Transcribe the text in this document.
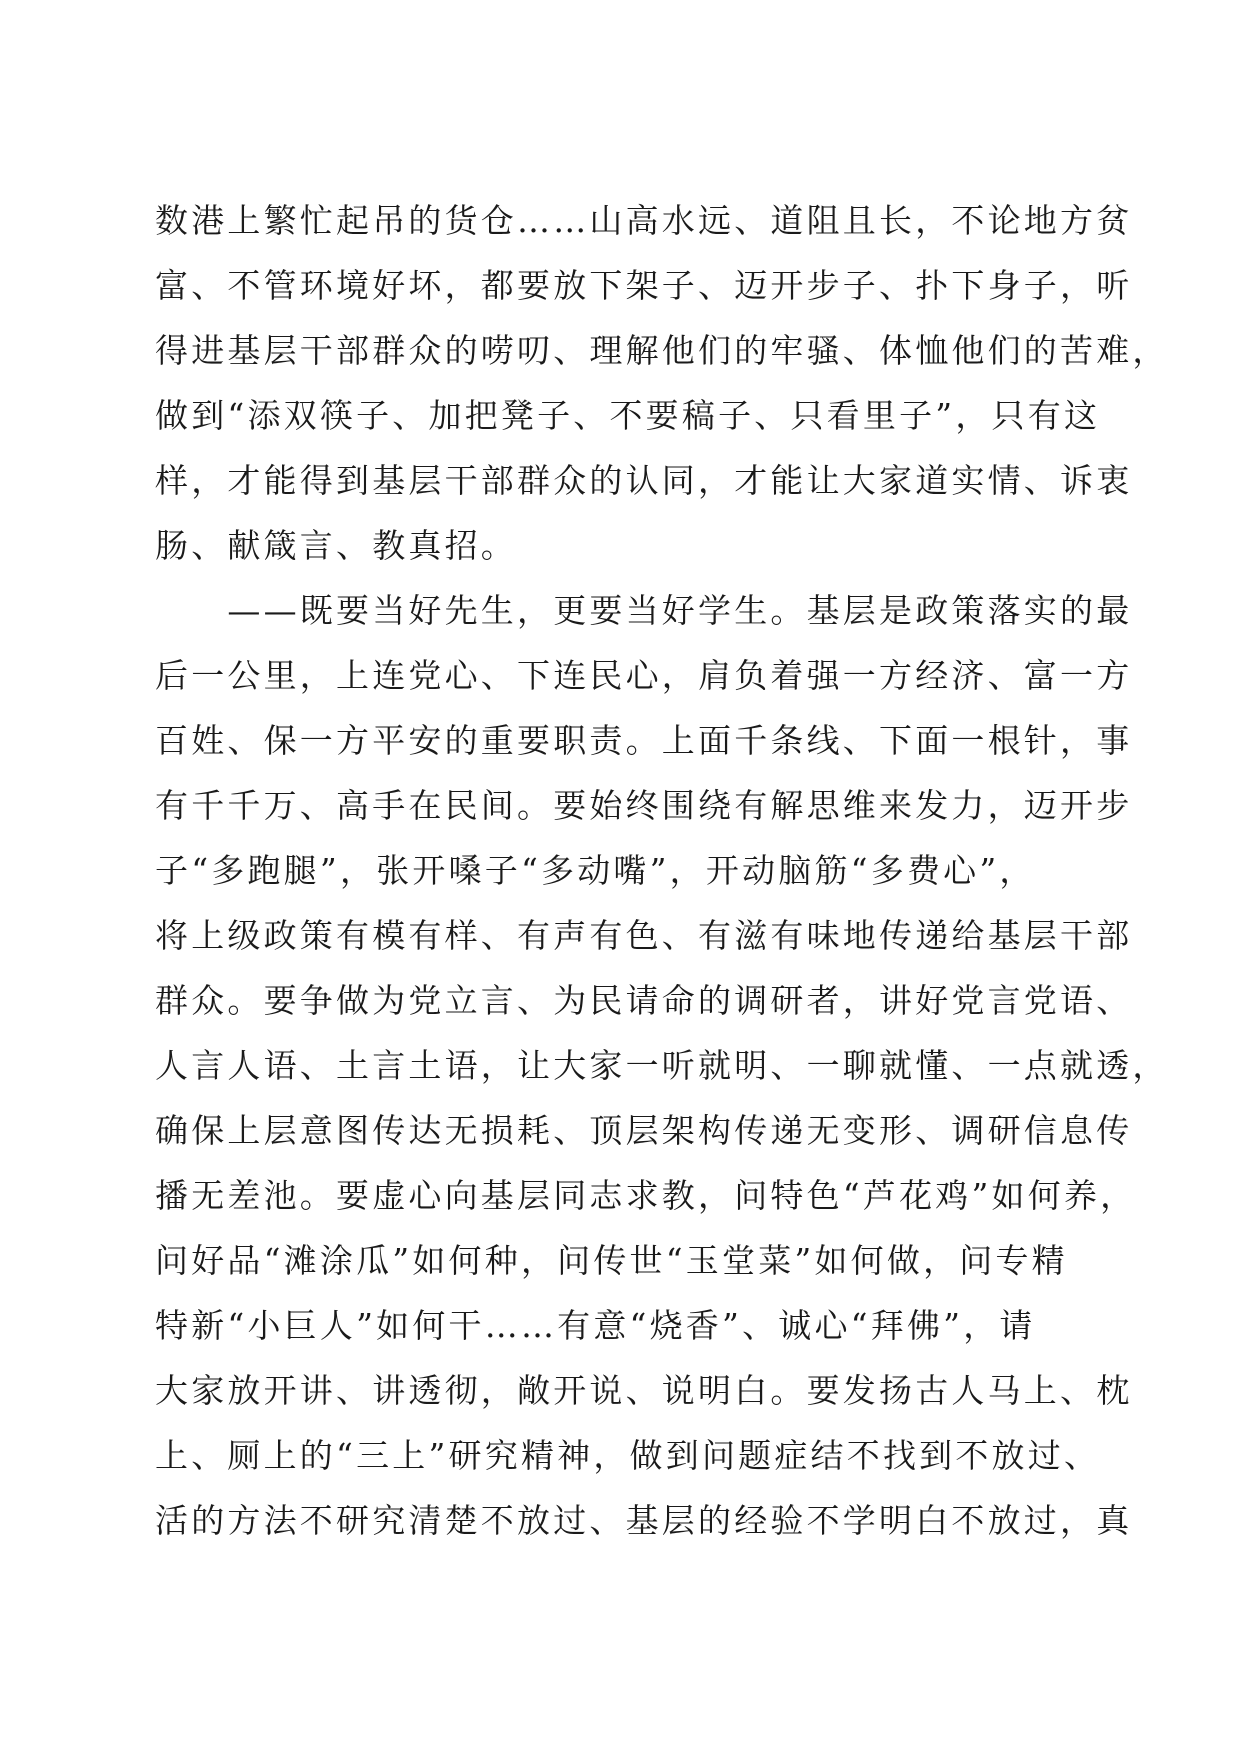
数港上繁忙起吊的货仓……山高水远、道阻且长，不论地方贫
富、不管环境好坏，都要放下架子、迈开步子、扑下身子，听
得进基层干部群众的唠叨、理解他们的牢骚、体恤他们的苦难，
做到“添双筷子、加把凳子、不要稿子、只看里子”，只有这
样，才能得到基层干部群众的认同，才能让大家道实情、诉衷
肠、献箴言、教真招。
　　——既要当好先生，更要当好学生。基层是政策落实的最
后一公里，上连党心、下连民心，肩负着强一方经济、富一方
百姓、保一方平安的重要职责。上面千条线、下面一根针，事
有千千万、高手在民间。要始终围绕有解思维来发力，迈开步
子“多跑腿”，张开嗓子“多动嘴”，开动脑筋“多费心”，
将上级政策有模有样、有声有色、有滋有味地传递给基层干部
群众。要争做为党立言、为民请命的调研者，讲好党言党语、
人言人语、土言土语，让大家一听就明、一聊就懂、一点就透，
确保上层意图传达无损耗、顶层架构传递无变形、调研信息传
播无差池。要虚心向基层同志求教，问特色“芦花鸡”如何养，
问好品“滩涂瓜”如何种，问传世“玉堂菜”如何做，问专精
特新“小巨人”如何干……有意“烧香”、诚心“拜佛”，请
大家放开讲、讲透彻，敞开说、说明白。要发扬古人马上、枕
上、厕上的“三上”研究精神，做到问题症结不找到不放过、
活的方法不研究清楚不放过、基层的经验不学明白不放过，真
